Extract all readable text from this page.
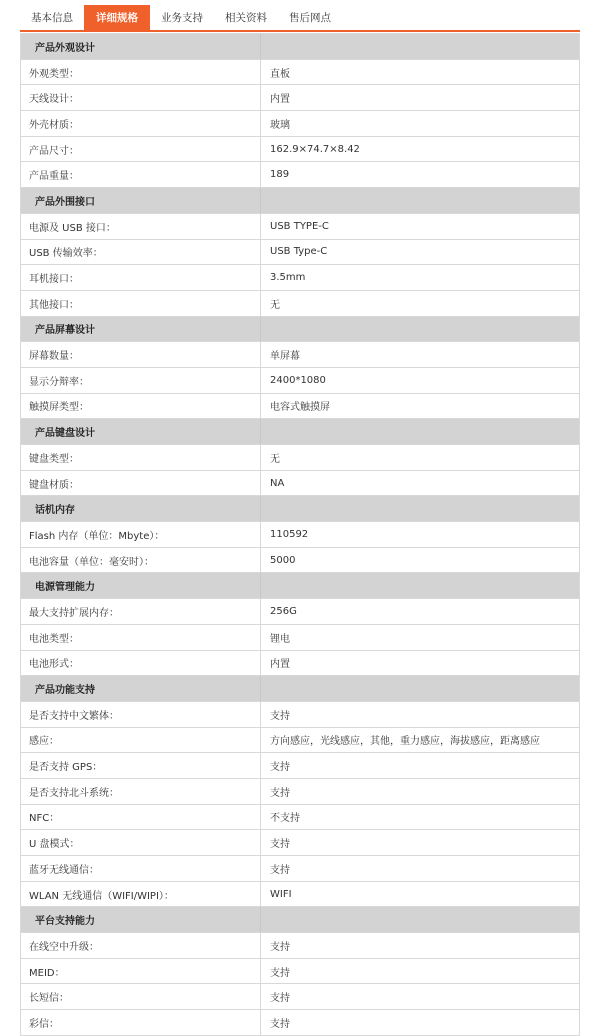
基本信息	详细规格	业务支持	相关资料	售后网点
产品外观设计
外观类型：	直板
天线设计：	内置
外壳材质：	玻璃
产品尺寸：	162.9×74.7×8.42
产品重量：	189
产品外围接口
电源及 USB 接口：	USB TYPE-C
USB 传输效率：	USB Type-C
耳机接口：	3.5mm
其他接口：	无
产品屏幕设计
屏幕数量：	单屏幕
显示分辩率：	2400*1080
触摸屏类型：	电容式触摸屏
产品键盘设计
键盘类型：	无
键盘材质：	NA
话机内存
Flash 内存（单位：Mbyte）：	110592
电池容量（单位：毫安时）：	5000
电源管理能力
最大支持扩展内存：	256G
电池类型：	锂电
电池形式：	内置
产品功能支持
是否支持中文繁体：	支持
感应：	方向感应，光线感应，其他，重力感应，海拔感应，距离感应
是否支持 GPS：	支持
是否支持北斗系统：	支持
NFC：	不支持
U 盘模式：	支持
蓝牙无线通信：	支持
WLAN 无线通信（WIFI/WIPI）：	WIFI
平台支持能力
在线空中升级：	支持
MEID：	支持
长短信：	支持
彩信：	支持
